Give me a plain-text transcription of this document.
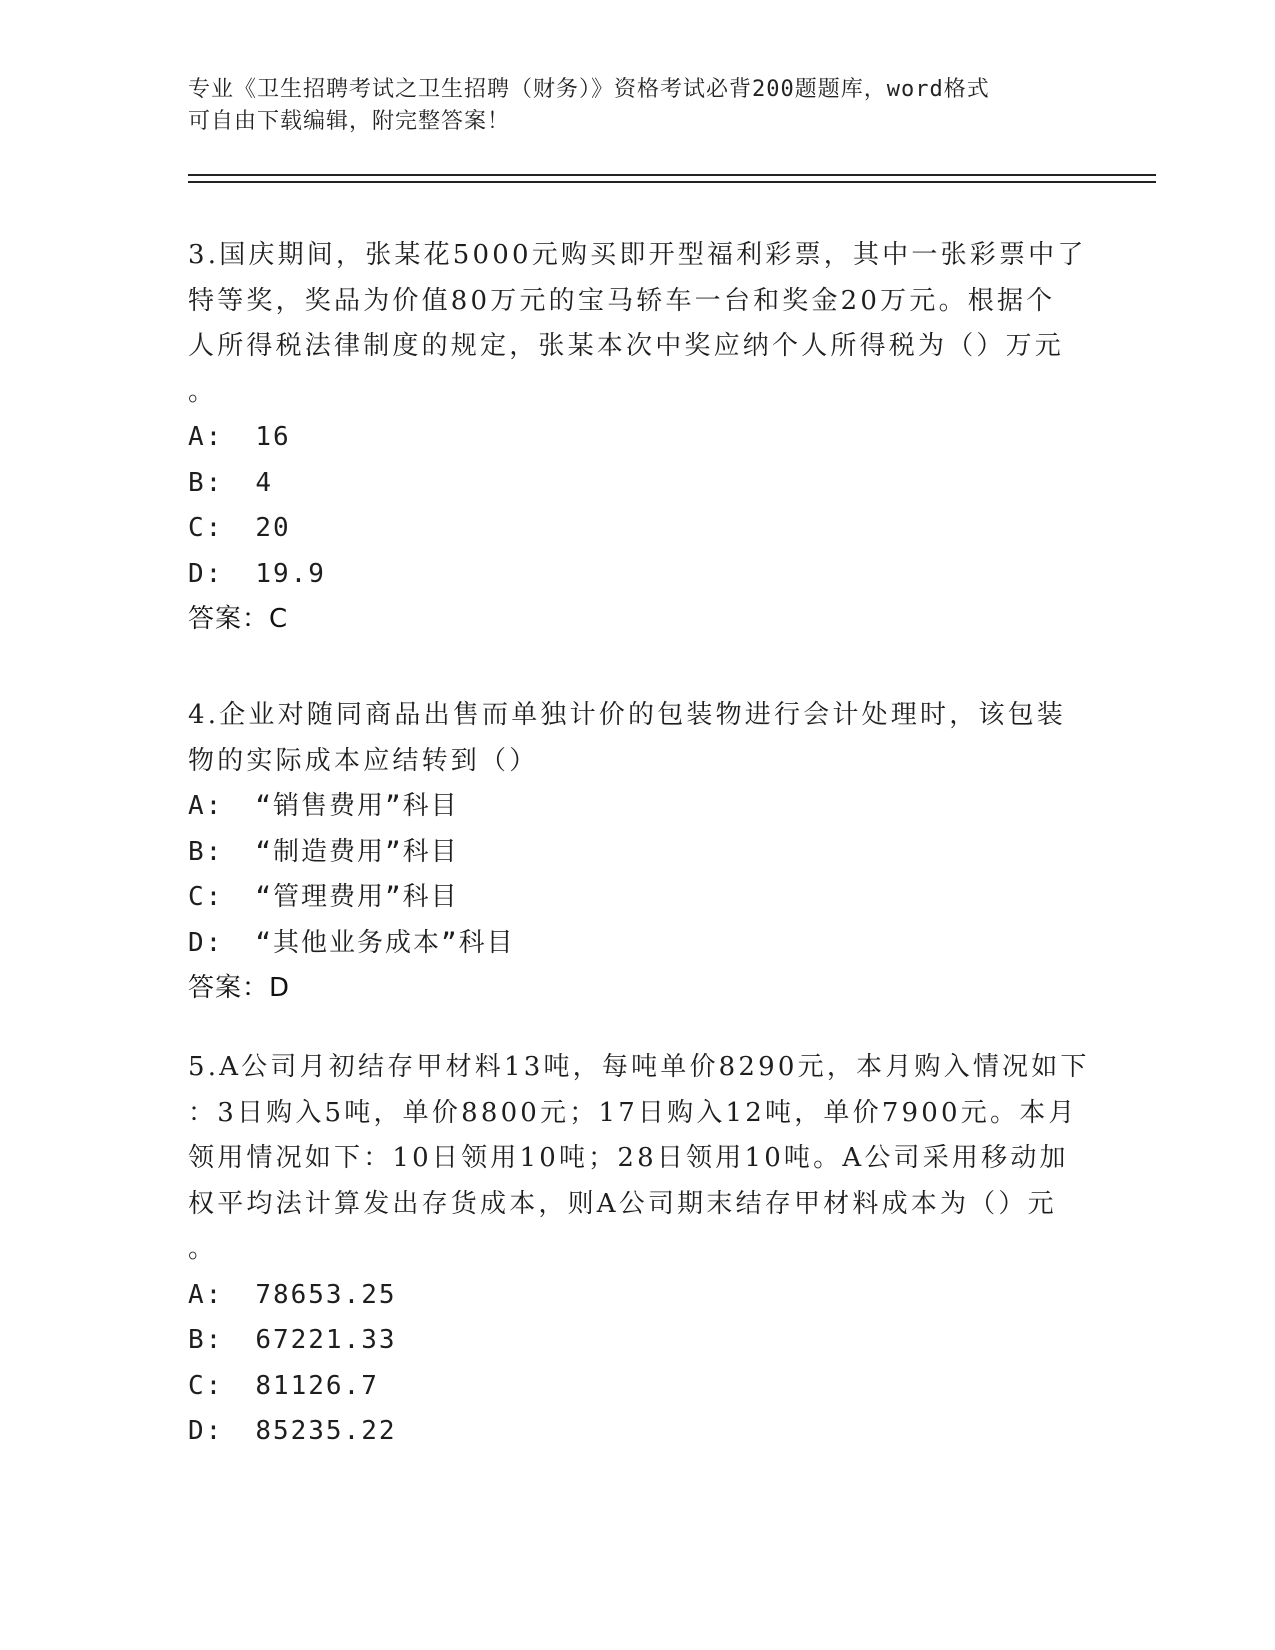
专业《卫生招聘考试之卫生招聘（财务）》资格考试必背200题题库，word格式
可自由下载编辑，附完整答案！
3.国庆期间，张某花5000元购买即开型福利彩票，其中一张彩票中了
特等奖，奖品为价值80万元的宝马轿车一台和奖金20万元。根据个
人所得税法律制度的规定，张某本次中奖应纳个人所得税为（）万元
。
A: 16
B: 4
C: 20
D: 19.9
答案：C
4.企业对随同商品出售而单独计价的包装物进行会计处理时，该包装
物的实际成本应结转到（）
A: “销售费用”科目
B: “制造费用”科目
C: “管理费用”科目
D: “其他业务成本”科目
答案：D
5.A公司月初结存甲材料13吨，每吨单价8290元，本月购入情况如下
：3日购入5吨，单价8800元；17日购入12吨，单价7900元。本月
领用情况如下：10日领用10吨；28日领用10吨。A公司采用移动加
权平均法计算发出存货成本，则A公司期末结存甲材料成本为（）元
。
A: 78653.25
B: 67221.33
C: 81126.7
D: 85235.22
